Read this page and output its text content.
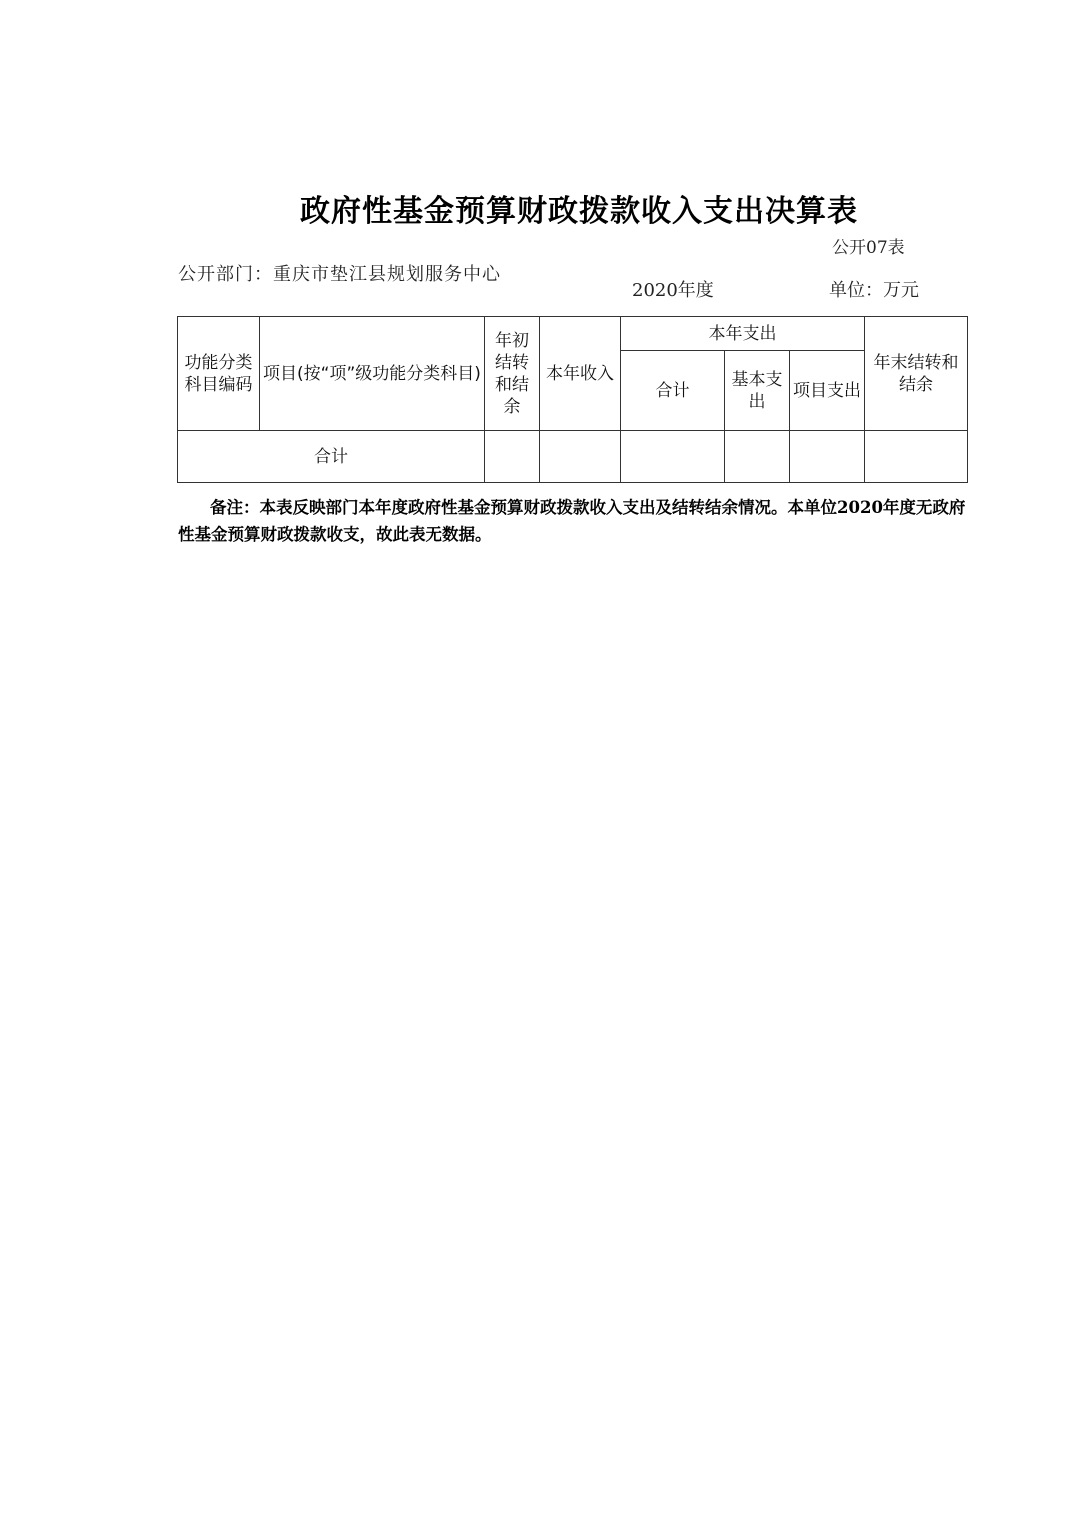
政府性基金预算财政拨款收入支出决算表
公开07表
公开部门：重庆市垫江县规划服务中心
2020年度	单位：万元
功能分类科目编码	项目(按“项”级功能分类科目)	年初结转和结余	本年收入	本年支出			年末结转和结余
				合计	基本支出	项目支出	
合计							
备注：本表反映部门本年度政府性基金预算财政拨款收入支出及结转结余情况。本单位2020年度无政府性基金预算财政拨款收支，故此表无数据。
